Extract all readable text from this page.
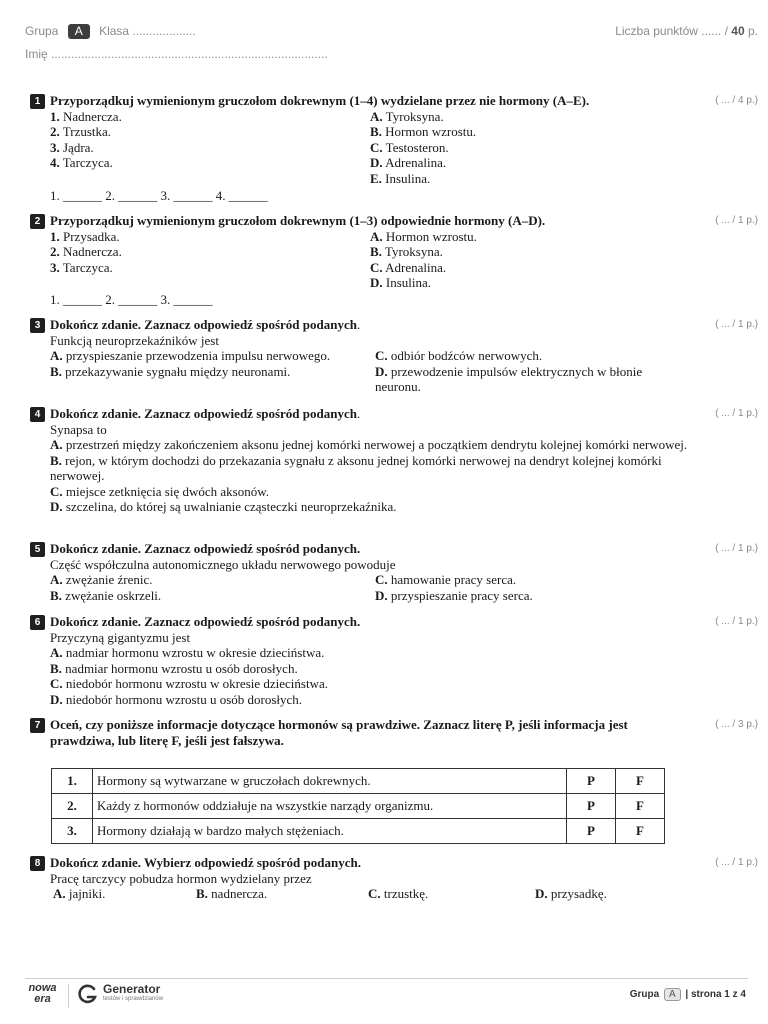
Grupa A Klasa ...................
Imię ...................................................................................
Liczba punktów ...... / 40 p.
1	( ... / 4 p.)
Przyporządkuj wymienionym gruczołom dokrewnym (1–4) wydzielane przez nie hormony (A–E).
1. Nadnercza.
2. Trzustka.
3. Jądra.
4. Tarczyca.
A. Tyroksyna.
B. Hormon wzrostu.
C. Testosteron.
D. Adrenalina.
E. Insulina.
1. ______ 2. ______ 3. ______ 4. ______
2	( ... / 1 p.)
Przyporządkuj wymienionym gruczołom dokrewnym (1–3) odpowiednie hormony (A–D).
1. Przysadka.
2. Nadnercza.
3. Tarczyca.
A. Hormon wzrostu.
B. Tyroksyna.
C. Adrenalina.
D. Insulina.
1. ______ 2. ______ 3. ______
3	( ... / 1 p.)
Dokończ zdanie. Zaznacz odpowiedź spośród podanych.
Funkcją neuroprzekaźników jest
A. przyspieszanie przewodzenia impulsu nerwowego.
B. przekazywanie sygnału między neuronami.
C. odbiór bodźców nerwowych.
D. przewodzenie impulsów elektrycznych w błonie neuronu.
4	( ... / 1 p.)
Dokończ zdanie. Zaznacz odpowiedź spośród podanych.
Synapsa to
A. przestrzeń między zakończeniem aksonu jednej komórki nerwowej a początkiem dendrytu kolejnej komórki nerwowej.
B. rejon, w którym dochodzi do przekazania sygnału z aksonu jednej komórki nerwowej na dendryt kolejnej komórki nerwowej.
C. miejsce zetknięcia się dwóch aksonów.
D. szczelina, do której są uwalnianie cząsteczki neuroprzekaźnika.
5	( ... / 1 p.)
Dokończ zdanie. Zaznacz odpowiedź spośród podanych.
Część współczulna autonomicznego układu nerwowego powoduje
A. zwężanie źrenic.
B. zwężanie oskrzeli.
C. hamowanie pracy serca.
D. przyspieszanie pracy serca.
6	( ... / 1 p.)
Dokończ zdanie. Zaznacz odpowiedź spośród podanych.
Przyczyną gigantyzmu jest
A. nadmiar hormonu wzrostu w okresie dzieciństwa.
B. nadmiar hormonu wzrostu u osób dorosłych.
C. niedobór hormonu wzrostu w okresie dzieciństwa.
D. niedobór hormonu wzrostu u osób dorosłych.
7	( ... / 3 p.)
Oceń, czy poniższe informacje dotyczące hormonów są prawdziwe. Zaznacz literę P, jeśli informacja jest prawdziwa, lub literę F, jeśli jest fałszywa.
1.	Hormony są wytwarzane w gruczołach dokrewnych.	P	F
2.	Każdy z hormonów oddziałuje na wszystkie narządy organizmu.	P	F
3.	Hormony działają w bardzo małych stężeniach.	P	F
8	( ... / 1 p.)
Dokończ zdanie. Wybierz odpowiedź spośród podanych.
Pracę tarczycy pobudza hormon wydzielany przez
A. jajniki.	B. nadnercza.	C. trzustkę.	D. przysadkę.
nowa
era
Generator
testów i sprawdzianów	Grupa A | strona 1 z 4
